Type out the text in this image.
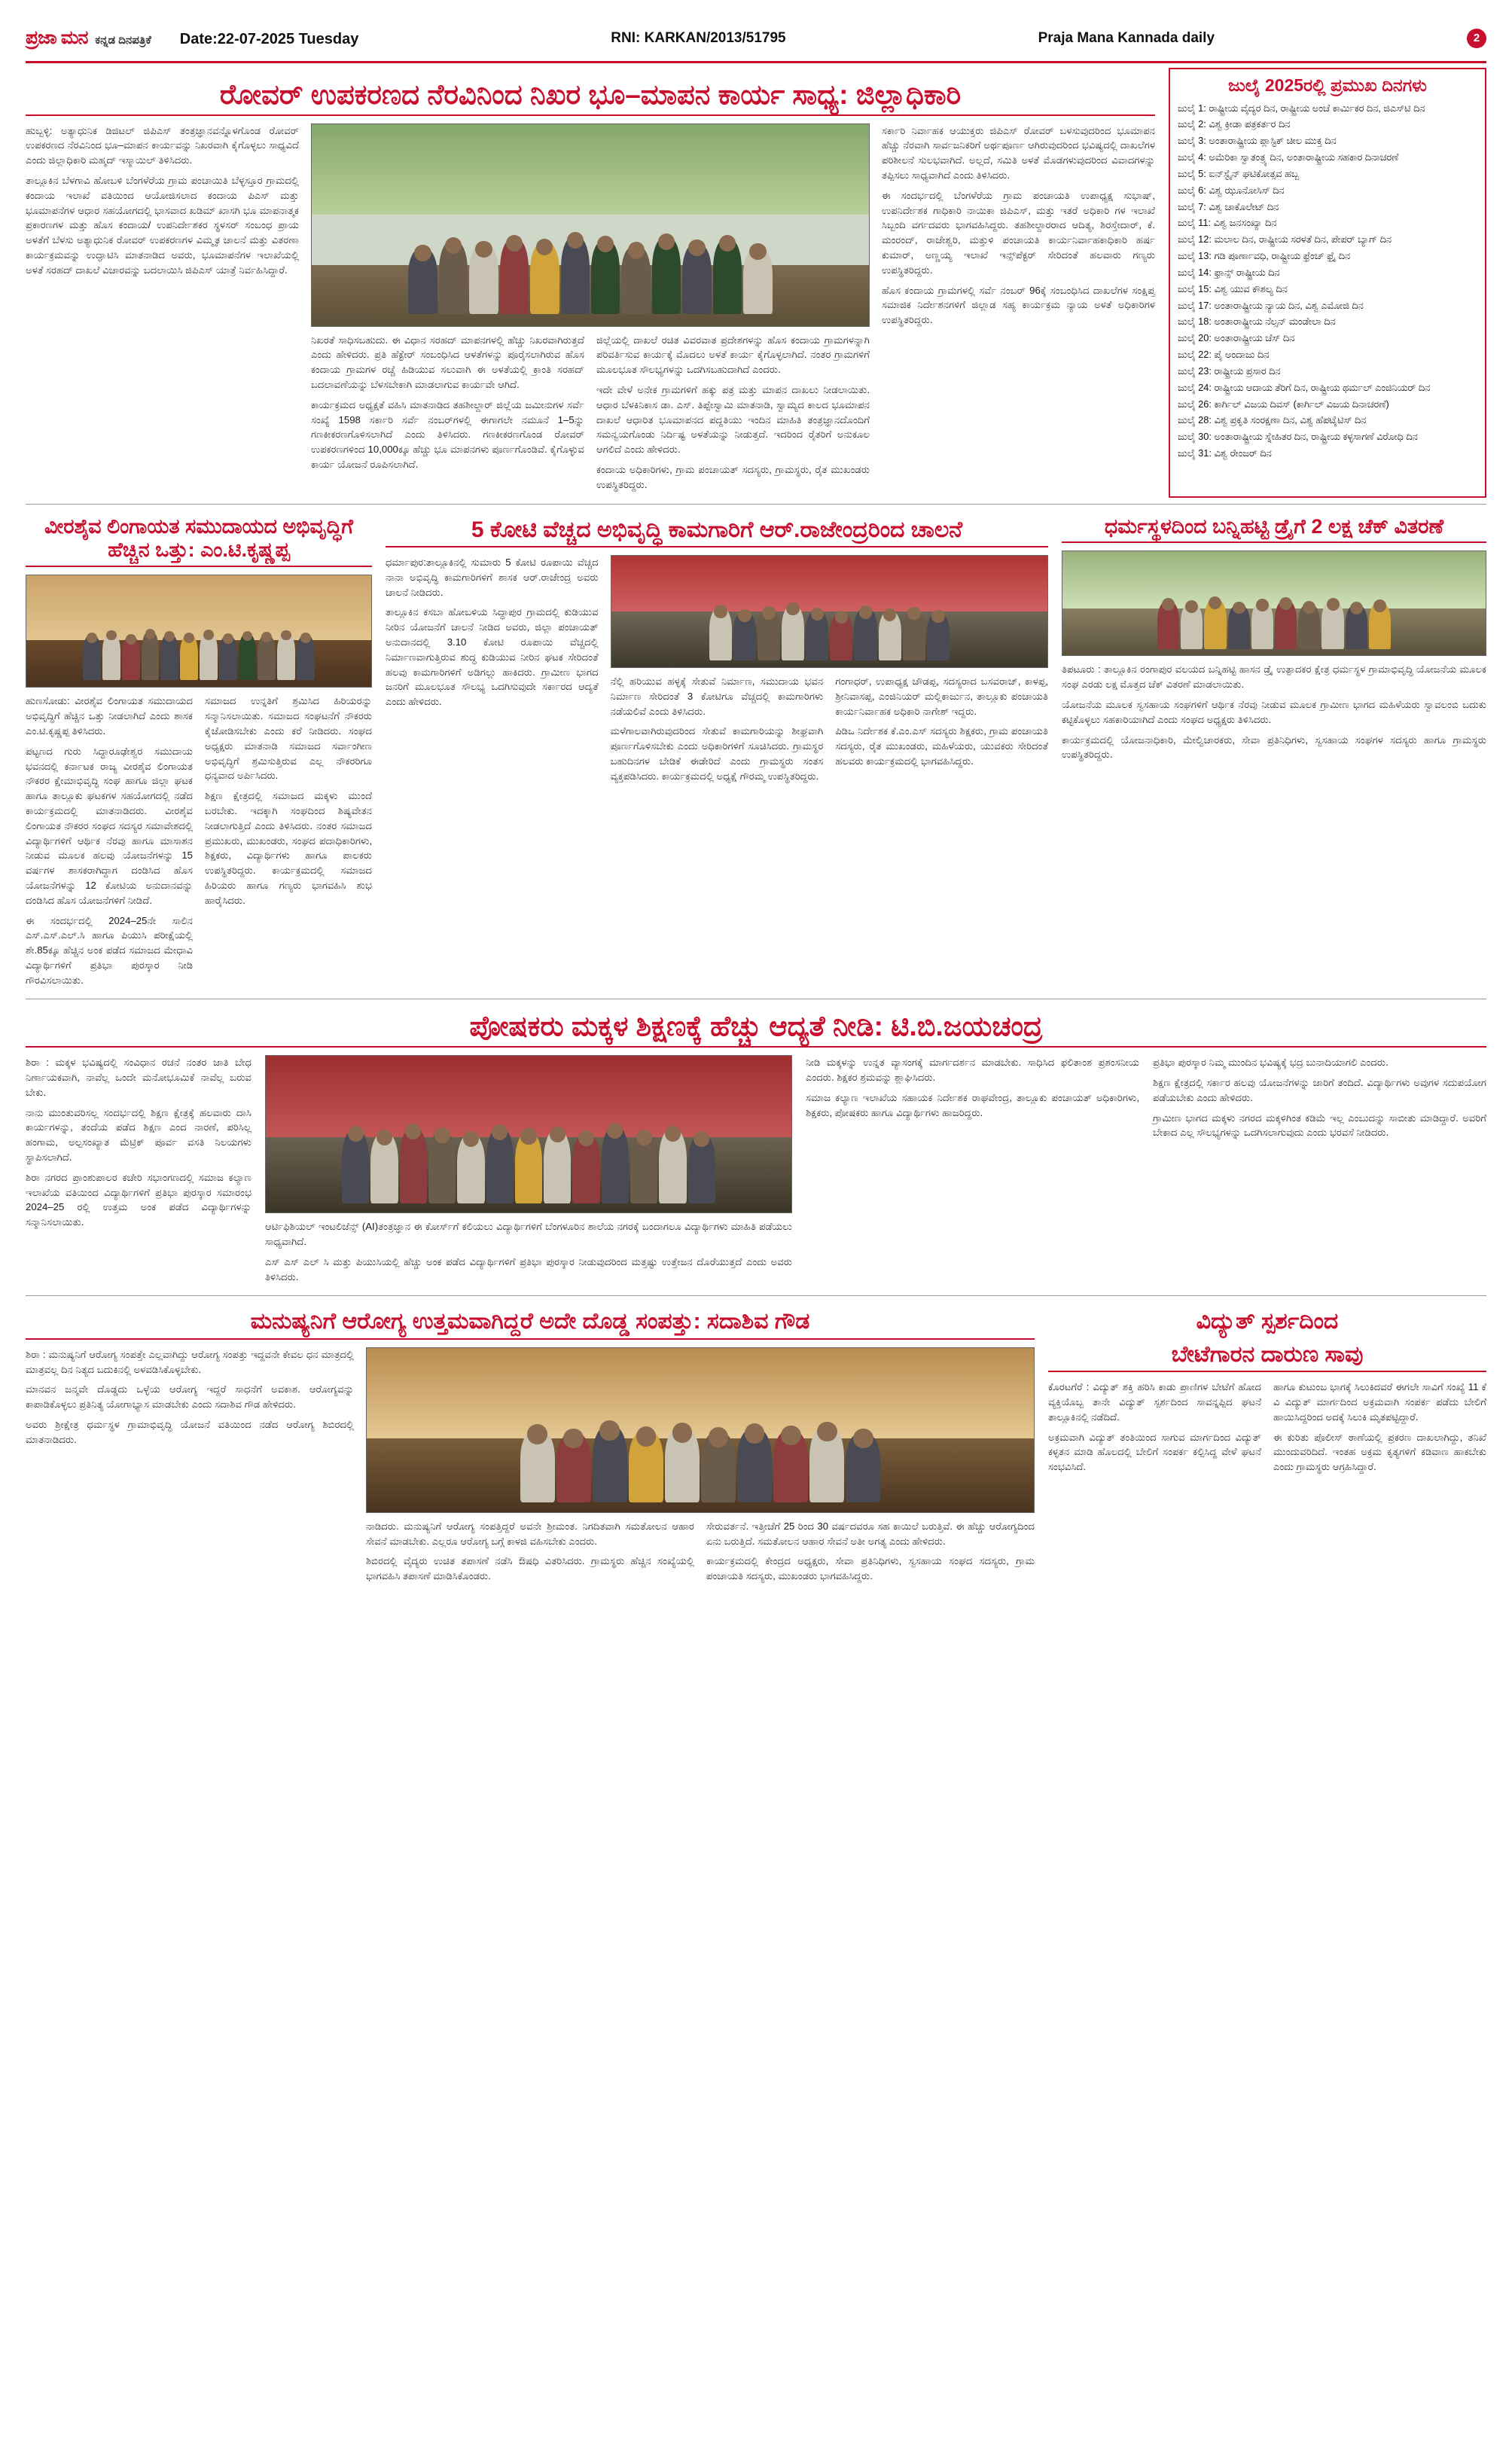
ಪ್ರಜಾ ಮನ ಕನ್ನಡ ದಿನಪತ್ರಿಕೆ Date:22-07-2025 Tuesday	RNI: KARKAN/2013/51795	Praja Mana Kannada daily	2
ರೋವರ್ ಉಪಕರಣದ ನೆರವಿನಿಂದ ನಿಖರ ಭೂ–ಮಾಪನ ಕಾರ್ಯ ಸಾಧ್ಯ: ಜಿಲ್ಲಾಧಿಕಾರಿ

ಹುಬ್ಬಳ್ಳಿ: ಅತ್ಯಾಧುನಿಕ ಡಿಜಿಟಲ್ ಜಿಪಿಎಸ್ ತಂತ್ರಜ್ಞಾನವನ್ನೊಳಗೊಂಡ ರೋವರ್ ಉಪಕರಣದ ನೆರವಿನಿಂದ ಭೂ–ಮಾಪನ ಕಾರ್ಯವನ್ನು ನಿಖರವಾಗಿ ಕೈಗೊಳ್ಳಲು ಸಾಧ್ಯವಿದೆ ಎಂದು ಜಿಲ್ಲಾಧಿಕಾರಿ ಮಹ್ಮದ್ ಇಸ್ಮಾಯಿಲ್ ತಿಳಿಸಿದರು.

ತಾಲ್ಲೂಕಿನ ಬೆಳಗಾವಿ ಹೋಬಳಿ ಬೆಂಗಳೆರೆಯ ಗ್ರಾಮ ಪಂಚಾಯಿತಿ ಬೆಳ್ಳಸ್ತೂರ ಗ್ರಾಮದಲ್ಲಿ ಕಂದಾಯ ಇಲಾಖೆ ವತಿಯಿಂದ ಆಯೋಜಿಸಲಾದ ಕಂದಾಯ ಪಿಎಸ್ ಮತ್ತು ಭೂಮಾಪನೆಗಳ ಆಧಾರ ಸಹಯೋಗದಲ್ಲಿ ಭಾಸವಾದ ಖಡಿಮ್ ಖಾಸಗಿ ಭೂ ಮಾಪನಾತ್ಮಕ ಪ್ರಕಾರಣಗಳ ಮತ್ತು ಹೊಸ ಕಂದಾಯ/ ಉಪನಿರ್ದೇಶಕರ ಸ್ಥಳಸರ್ ಸಂಬಂಧ ಪ್ರಾಯ ಅಳತೆಗೆ ಬೆಳಸು ಅತ್ಯಾಧುನಿಕ ರೋವರ್ ಉಪಕರಣಗಳ ವಿಮ್ಮೃತ ಚಾಲನೆ ಮತ್ತು ವಿತರಣಾ ಕಾರ್ಯಕ್ರಮವನ್ನು ಉದ್ಘಾಟಿಸಿ ಮಾತನಾಡಿದ ಅವರು, ಭೂಮಾಪನೆಗಳ ಇಲಾಖೆಯಲ್ಲಿ ಅಳತೆ ಸರಹದ್ ದಾಖಲೆ ವಿಚಾರವನ್ನು ಬದಲಾಯಿಸಿ ಜಿಪಿಎಸ್ ಯಾತ್ರೆ ನಿರ್ವಹಿಸಿದ್ದಾರೆ.

ನಿಖರತೆ ಸಾಧಿಸಬಹುದು. ಈ ವಿಧಾನ ಸರಹದ್ ಮಾಪನಗಳಲ್ಲಿ ಹೆಚ್ಚು ನಿಖರವಾಗಿರುತ್ತದೆ ಎಂದು ಹೇಳಿದರು. ಪ್ರತಿ ಹೆಕ್ಟೇರ್ ಸಂಬಂಧಿಸಿದ ಆಳತೆಗಳನ್ನು ಪೂರೈಸಲಾಗಿರುವ ಹೊಸ ಕಂದಾಯ ಗ್ರಾಮಗಳ ರಚ್ಚೆ ಹಿಡಿಯುವ ಸಲುವಾಗಿ ಈ ಅಳತೆಯಲ್ಲಿ ಕ್ರಾಂತಿ ಸರಹದ್ ಬದಲಾವಣೆಯನ್ನು ಬೆಳಸಬೇಕಾಗಿ ಮಾಡಲಾಗುವ ಕಾರ್ಯವೇ ಆಗಿದೆ.

ಕಾರ್ಯಕ್ರಮದ ಅಧ್ಯಕ್ಷತೆ ವಹಿಸಿ ಮಾತನಾಡಿದ ತಹಶೀಲ್ದಾರ್ ಜಿಲ್ಲೆಯ ಜಮೀನುಗಳ ಸರ್ವೆ ಸಂಖ್ಯೆ 1598 ಸರ್ಕಾರಿ ಸರ್ವೆ ನಂಬರ್‌ಗಳಲ್ಲಿ ಈಗಾಗಲೇ ನಮೂನೆ 1–5ನ್ನು ಗಣಕೀಕರಣಗೊಳಿಸಲಾಗಿದೆ ಎಂದು ತಿಳಿಸಿದರು. ಗಣಕೀಕರಣಗೊಂಡ ರೋವರ್ ಉಪಕರಣಗಳಿಂದ 10,000ಕ್ಕೂ ಹೆಚ್ಚು ಭೂ ಮಾಪನಗಳು ಪೂರ್ಣಗೊಂಡಿವೆ. ಕೈಗೊಳ್ಳುವ ಕಾರ್ಯ ಯೋಜನೆ ರೂಪಿಸಲಾಗಿದೆ.

ಜಿಲ್ಲೆಯಲ್ಲಿ ದಾಖಲೆ ರಚಿತ ವಿವರವಾತ ಪ್ರದೇಶಗಳನ್ನು ಹೊಸ ಕಂದಾಯ ಗ್ರಾಮಗಳನ್ನಾಗಿ ಪರಿವರ್ತಿಸುವ ಕಾರ್ಯಕ್ಕೆ ಮೊದಲು ಅಳತೆ ಕಾರ್ಯ ಕೈಗೊಳ್ಳಲಾಗಿದೆ. ನಂತರ ಗ್ರಾಮಗಳಿಗೆ ಮೂಲಭೂತ ಸೌಲಭ್ಯಗಳನ್ನು ಒದಗಿಸಬಹುದಾಗಿದೆ ಎಂದರು.

ಇದೇ ವೇಳೆ ಅನೇಕ ಗ್ರಾಮಗಳಿಗೆ ಹಕ್ಕು ಪತ್ರ ಮತ್ತು ಮಾಪನ ದಾಖಲು ನೀಡಲಾಯಿತು. ಆಧಾರ ಬೆಳಕಿನಿಕಾಸ ಡಾ. ಎಸ್. ತಿಪ್ಪೇಸ್ವಾಮಿ ಮಾತನಾಡಿ, ಸ್ವಾಮ್ಯದ ಕಾಲದ ಭೂಮಾಪನ ದಾಖಲೆ ಆಧಾರಿತ ಭೂಮಾಪನದ ಪದ್ದತಿಯು ಇಂದಿನ ಮಾಹಿತಿ ತಂತ್ರಜ್ಞಾನದೊಂದಿಗೆ ಸಮನ್ವಯಗೊಂಡು ನಿರ್ದಿಷ್ಟ ಅಳತೆಯನ್ನು ನೀಡುತ್ತದೆ. ಇದರಿಂದ ರೈತರಿಗೆ ಅನುಕೂಲ ಆಗಲಿದೆ ಎಂದು ಹೇಳಿದರು.

ಕಂದಾಯ ಅಧಿಕಾರಿಗಳು, ಗ್ರಾಮ ಪಂಚಾಯತ್ ಸದಸ್ಯರು, ಗ್ರಾಮಸ್ಥರು, ರೈತ ಮುಖಂಡರು ಉಪಸ್ಥಿತರಿದ್ದರು.

ಸರ್ಕಾರಿ ನಿರ್ವಾಹಕ ಆಯುಕ್ತರು ಜಿಪಿಎಸ್ ರೋವರ್ ಬಳಸುವುದರಿಂದ ಭೂಮಾಪನ ಹೆಚ್ಚು ನೆರವಾಗಿ ಸಾರ್ವಜನಿಕರಿಗೆ ಅರ್ಥಪೂರ್ಣ ಆಗಿರುವುದರಿಂದ ಭವಿಷ್ಯದಲ್ಲಿ ದಾಖಲೆಗಳ ಪರಿಶೀಲನೆ ಸುಲಭವಾಗಿದೆ. ಅಲ್ಲದೆ, ಸಮಿತಿ ಅಳತೆ ಮೊಡಗಳುವುದರಿಂದ ವಿವಾದಗಳನ್ನು ತಪ್ಪಿಸಲು ಸಾಧ್ಯವಾಗಿದೆ ಎಂದು ತಿಳಿಸಿದರು.

ಈ ಸಂದರ್ಭದಲ್ಲಿ ಬೆಂಗಳೆರೆಯ ಗ್ರಾಮ ಪಂಚಾಯತಿ ಉಪಾಧ್ಯಕ್ಷ ಸುಭಾಷ್, ಉಪನಿರ್ದೇಶಕ ಗಾಧಿಕಾರಿ ನಾಯಿಕಾ ಜಿಪಿಎಸ್, ಮತ್ತು ಇತರೆ ಅಧಿಕಾರಿ ಗಳ ಇಲಾಖೆ ಸಿಬ್ಬಂದಿ ವರ್ಗದವರು ಭಾಗವಹಿಸಿದ್ದರು. ತಹಶೀಲ್ದಾರರಾದ ಆದಿತ್ಯ, ಶಿರಸ್ತೇದಾರ್, ಕೆ. ಮಂರಂದ್, ರಾಜೇಶ್ವರಿ, ಮತ್ತುಳಿ ಪಂಚಾಯತಿ ಕಾರ್ಯನಿರ್ವಾಹಕಾಧಿಕಾರಿ ಹರ್ಷ ಕುಮಾರ್, ಅಣ್ಣಯ್ಯ ಇಲಾಖೆ ಇನ್ಸ್‌ಪೆಕ್ಟರ್ ಸೇರಿದಂತೆ ಹಲವಾರು ಗಣ್ಯರು ಉಪಸ್ಥಿತರಿದ್ದರು.

ಹೊಸ ಕಂದಾಯ ಗ್ರಾಮಗಳಲ್ಲಿ ಸರ್ವೆ ನಂಬರ್ 96ಕ್ಕೆ ಸಂಬಂಧಿಸಿದ ದಾಖಲೆಗಳ ಸಂಕ್ಷಿಪ್ತ ಸಮಾಜಿಕ ನಿರ್ದೇಶನಗಳಿಗೆ ಜಿಲ್ಲಾಡ ಸಹ್ಯ ಕಾರ್ಯಕ್ರಮ ನ್ಯಾಯ ಅಳತೆ ಅಧಿಕಾರಿಗಳ ಉಪಸ್ಥಿತರಿದ್ದರು.

ಜುಲೈ 2025ರಲ್ಲಿ ಪ್ರಮುಖ ದಿನಗಳು
ಜುಲೈ 1: ರಾಷ್ಟ್ರೀಯ ವೈದ್ಯರ ದಿನ, ರಾಷ್ಟ್ರೀಯ ಅಂಚೆ ಕಾರ್ಮಿಕರ ದಿನ, ಜಿಎಸ್‌ಟಿ ದಿನ
ಜುಲೈ 2: ವಿಶ್ವ ಕ್ರೀಡಾ ಪತ್ರಕರ್ತರ ದಿನ
ಜುಲೈ 3: ಅಂತಾರಾಷ್ಟ್ರೀಯ ಪ್ಲಾಸ್ಟಿಕ್ ಚೀಲ ಮುಕ್ತ ದಿನ
ಜುಲೈ 4: ಅಮೆರಿಕಾ ಸ್ವಾತಂತ್ರ್ಯ ದಿನ, ಅಂತಾರಾಷ್ಟ್ರೀಯ ಸಹಕಾರ ದಿನಾಚರಣೆ
ಜುಲೈ 5: ಐನ್‌ಸ್ಟೈನ್ ಘಟಿಕೋತ್ಸವ ಹಬ್ಬ
ಜುಲೈ 6: ವಿಶ್ವ ಝೂನೋಸಿಸ್ ದಿನ
ಜುಲೈ 7: ವಿಶ್ವ ಚಾಕೊಲೇಟ್ ದಿನ
ಜುಲೈ 11: ವಿಶ್ವ ಜನಸಂಖ್ಯಾ ದಿನ
ಜುಲೈ 12: ಮಲಾಲ ದಿನ, ರಾಷ್ಟ್ರೀಯ ಸರಳತೆ ದಿನ, ಪೇಪರ್ ಬ್ಯಾಗ್ ದಿನ
ಜುಲೈ 13: ಗಡಿ ಪೂರ್ಣಾವಧಿ, ರಾಷ್ಟ್ರೀಯ ಫ್ರೆಂಚ್ ಫ್ರೈ ದಿನ
ಜುಲೈ 14: ಫ್ರಾನ್ಸ್ ರಾಷ್ಟ್ರೀಯ ದಿನ
ಜುಲೈ 15: ವಿಶ್ವ ಯುವ ಕೌಶಲ್ಯ ದಿನ
ಜುಲೈ 17: ಅಂತಾರಾಷ್ಟ್ರೀಯ ನ್ಯಾಯ ದಿನ, ವಿಶ್ವ ಎಮೋಜಿ ದಿನ
ಜುಲೈ 18: ಅಂತಾರಾಷ್ಟ್ರೀಯ ನೆಲ್ಸನ್ ಮಂಡೇಲಾ ದಿನ
ಜುಲೈ 20: ಅಂತಾರಾಷ್ಟ್ರೀಯ ಚೆಸ್ ದಿನ
ಜುಲೈ 22: ಪೈ ಅಂದಾಜು ದಿನ
ಜುಲೈ 23: ರಾಷ್ಟ್ರೀಯ ಪ್ರಸಾರ ದಿನ
ಜುಲೈ 24: ರಾಷ್ಟ್ರೀಯ ಆದಾಯ ತೆರಿಗೆ ದಿನ, ರಾಷ್ಟ್ರೀಯ ಥರ್ಮಲ್ ಎಂಜಿನಿಯರ್ ದಿನ
ಜುಲೈ 26: ಕಾರ್ಗಿಲ್ ವಿಜಯ ದಿವಸ್ (ಕಾರ್ಗಿಲ್ ವಿಜಯ ದಿನಾಚರಣೆ)
ಜುಲೈ 28: ವಿಶ್ವ ಪ್ರಕೃತಿ ಸಂರಕ್ಷಣಾ ದಿನ, ವಿಶ್ವ ಹೆಪಟೈಟಿಸ್ ದಿನ
ಜುಲೈ 30: ಅಂತಾರಾಷ್ಟ್ರೀಯ ಸ್ನೇಹಿತರ ದಿನ, ರಾಷ್ಟ್ರೀಯ ಕಳ್ಳಸಾಗಣೆ ವಿರೋಧಿ ದಿನ
ಜುಲೈ 31: ವಿಶ್ವ ರೇಂಜರ್ ದಿನ
ವೀರಶೈವ ಲಿಂಗಾಯತ ಸಮುದಾಯದ ಅಭಿವೃದ್ಧಿಗೆ ಹೆಚ್ಚಿನ ಒತ್ತು: ಎಂ.ಟಿ.ಕೃಷ್ಣಪ್ಪ

ಹುಣಸೋಡು: ವೀರಶೈವ ಲಿಂಗಾಯತ ಸಮುದಾಯದ ಅಭಿವೃದ್ಧಿಗೆ ಹೆಚ್ಚಿನ ಒತ್ತು ನೀಡಲಾಗಿದೆ ಎಂದು ಶಾಸಕ ಎಂ.ಟಿ.ಕೃಷ್ಣಪ್ಪ ತಿಳಿಸಿದರು.

ಪಟ್ಟಣದ ಗುರು ಸಿದ್ಧಾರೂಢೇಶ್ವರ ಸಮುದಾಯ ಭವನದಲ್ಲಿ ಕರ್ನಾಟಕ ರಾಜ್ಯ ವೀರಶೈವ ಲಿಂಗಾಯತ ನೌಕರರ ಕ್ಷೇಮಾಭಿವೃದ್ಧಿ ಸಂಘ ಹಾಗೂ ಜಿಲ್ಲಾ ಘಟಕ ಹಾಗೂ ತಾಲ್ಲೂಕು ಘಟಕಗಳ ಸಹಯೋಗದಲ್ಲಿ ನಡೆದ ಕಾರ್ಯಕ್ರಮದಲ್ಲಿ ಮಾತನಾಡಿದರು. ವೀರಶೈವ ಲಿಂಗಾಯತ ನೌಕರರ ಸಂಘದ ಸದಸ್ಯರ ಸಮಾವೇಶದಲ್ಲಿ ವಿದ್ಯಾರ್ಥಿಗಳಿಗೆ ಆರ್ಥಿಕ ನೆರವು ಹಾಗೂ ಮಾಸಾಶನ ನೀಡುವ ಮೂಲಕ ಹಲವು ಯೋಜನೆಗಳನ್ನು 15 ವರ್ಷಗಳ ಶಾಸಕರಾಗಿದ್ದಾಗ ದಂಡಿಸಿದ ಹೊಸ ಯೋಜನೆಗಳನ್ನು 12 ಕೋಟಿಯ ಅನುದಾನವನ್ನು ದಂಡಿಸಿದ ಹೊಸ ಯೋಜನೆಗಳಿಗೆ ನೀಡಿದೆ.

ಈ ಸಂದರ್ಭದಲ್ಲಿ 2024–25ನೇ ಸಾಲಿನ ಎಸ್.ಎಸ್.ಎಲ್.ಸಿ ಹಾಗೂ ಪಿಯುಸಿ ಪರೀಕ್ಷೆಯಲ್ಲಿ ಶೇ.85ಕ್ಕೂ ಹೆಚ್ಚಿನ ಅಂಕ ಪಡೆದ ಸಮಾಜದ ಮೇಧಾವಿ ವಿದ್ಯಾರ್ಥಿಗಳಿಗೆ ಪ್ರತಿಭಾ ಪುರಸ್ಕಾರ ನೀಡಿ ಗೌರವಿಸಲಾಯಿತು.

ಸಮಾಜದ ಉನ್ನತಿಗೆ ಶ್ರಮಿಸಿದ ಹಿರಿಯರನ್ನು ಸನ್ಮಾನಿಸಲಾಯಿತು. ಸಮಾಜದ ಸಂಘಟನೆಗೆ ನೌಕರರು ಕೈಜೋಡಿಸಬೇಕು ಎಂದು ಕರೆ ನೀಡಿದರು. ಸಂಘದ ಅಧ್ಯಕ್ಷರು ಮಾತನಾಡಿ ಸಮಾಜದ ಸರ್ವಾಂಗೀಣ ಅಭಿವೃದ್ಧಿಗೆ ಶ್ರಮಿಸುತ್ತಿರುವ ಎಲ್ಲ ನೌಕರರಿಗೂ ಧನ್ಯವಾದ ಅರ್ಪಿಸಿದರು.

ಶಿಕ್ಷಣ ಕ್ಷೇತ್ರದಲ್ಲಿ ಸಮಾಜದ ಮಕ್ಕಳು ಮುಂದೆ ಬರಬೇಕು. ಇದಕ್ಕಾಗಿ ಸಂಘದಿಂದ ಶಿಷ್ಯವೇತನ ನೀಡಲಾಗುತ್ತಿದೆ ಎಂದು ತಿಳಿಸಿದರು. ನಂತರ ಸಮಾಜದ ಪ್ರಮುಖರು, ಮುಖಂಡರು, ಸಂಘದ ಪದಾಧಿಕಾರಿಗಳು, ಶಿಕ್ಷಕರು, ವಿದ್ಯಾರ್ಥಿಗಳು ಹಾಗೂ ಪಾಲಕರು ಉಪಸ್ಥಿತರಿದ್ದರು. ಕಾರ್ಯಕ್ರಮದಲ್ಲಿ ಸಮಾಜದ ಹಿರಿಯರು ಹಾಗೂ ಗಣ್ಯರು ಭಾಗವಹಿಸಿ ಶುಭ ಹಾರೈಸಿದರು.

5 ಕೋಟಿ ವೆಚ್ಚದ ಅಭಿವೃದ್ಧಿ ಕಾಮಗಾರಿಗೆ ಆರ್.ರಾಜೇಂದ್ರರಿಂದ ಚಾಲನೆ

ಧರ್ಮಾಪುರ:ತಾಲ್ಲೂಕಿನಲ್ಲಿ ಸುಮಾರು 5 ಕೋಟಿ ರೂಪಾಯಿ ವೆಚ್ಚದ ನಾನಾ ಅಭಿವೃದ್ಧಿ ಕಾಮಗಾರಿಗಳಿಗೆ ಶಾಸಕ ಆರ್.ರಾಜೇಂದ್ರ ಅವರು ಚಾಲನೆ ನೀಡಿದರು.

ತಾಲ್ಲೂಕಿನ ಕಸಬಾ ಹೋಬಳಿಯ ಸಿದ್ಧಾಪುರ ಗ್ರಾಮದಲ್ಲಿ ಕುಡಿಯುವ ನೀರಿನ ಯೋಜನೆಗೆ ಚಾಲನೆ ನೀಡಿದ ಅವರು, ಜಿಲ್ಲಾ ಪಂಚಾಯತ್ ಅನುದಾನದಲ್ಲಿ 3.10 ಕೋಟಿ ರೂಪಾಯಿ ವೆಚ್ಚದಲ್ಲಿ ನಿರ್ಮಾಣವಾಗುತ್ತಿರುವ ಶುದ್ಧ ಕುಡಿಯುವ ನೀರಿನ ಘಟಕ ಸೇರಿದಂತೆ ಹಲವು ಕಾಮಗಾರಿಗಳಿಗೆ ಅಡಿಗಲ್ಲು ಹಾಕಿದರು. ಗ್ರಾಮೀಣ ಭಾಗದ ಜನರಿಗೆ ಮೂಲಭೂತ ಸೌಲಭ್ಯ ಒದಗಿಸುವುದೇ ಸರ್ಕಾರದ ಆದ್ಯತೆ ಎಂದು ಹೇಳಿದರು.

ನೆಲ್ಲಿ ಹರಿಯುವ ಹಳ್ಳಕ್ಕೆ ಸೇತುವೆ ನಿರ್ಮಾಣ, ಸಮುದಾಯ ಭವನ ನಿರ್ಮಾಣ ಸೇರಿದಂತೆ 3 ಕೋಟಿಗೂ ವೆಚ್ಚದಲ್ಲಿ ಕಾಮಗಾರಿಗಳು ನಡೆಯಲಿವೆ ಎಂದು ತಿಳಿಸಿದರು.

ಮಳೆಗಾಲವಾಗಿರುವುದರಿಂದ ಸೇತುವೆ ಕಾಮಗಾರಿಯನ್ನು ಶೀಘ್ರವಾಗಿ ಪೂರ್ಣಗೊಳಿಸಬೇಕು ಎಂದು ಅಧಿಕಾರಿಗಳಿಗೆ ಸೂಚಿಸಿದರು. ಗ್ರಾಮಸ್ಥರ ಬಹುದಿನಗಳ ಬೇಡಿಕೆ ಈಡೇರಿದೆ ಎಂದು ಗ್ರಾಮಸ್ಥರು ಸಂತಸ ವ್ಯಕ್ತಪಡಿಸಿದರು. ಕಾರ್ಯಕ್ರಮದಲ್ಲಿ ಅಧ್ಯಕ್ಷೆ ಗೌರಮ್ಮ ಉಪಸ್ಥಿತರಿದ್ದರು.

ಗಂಗಾಧರ್, ಉಪಾಧ್ಯಕ್ಷ ಚೌಡಪ್ಪ, ಸದಸ್ಯರಾದ ಬಸವರಾಜ್, ಕಾಳಪ್ಪ, ಶ್ರೀನಿವಾಸಪ್ಪ, ಎಂಜಿನಿಯರ್ ಮಲ್ಲಿಕಾರ್ಜುನ, ತಾಲ್ಲೂಕು ಪಂಚಾಯತಿ ಕಾರ್ಯನಿರ್ವಾಹಕ ಅಧಿಕಾರಿ ನಾಗೇಶ್ ಇದ್ದರು.

ಪಿಡಿಒ ನಿರ್ದೇಶಕ ಕೆ.ಎಂ.ಎಸ್ ಸದಸ್ಯರು ಶಿಕ್ಷಕರು, ಗ್ರಾಮ ಪಂಚಾಯತಿ ಸದಸ್ಯರು, ರೈತ ಮುಖಂಡರು, ಮಹಿಳೆಯರು, ಯುವಕರು ಸೇರಿದಂತೆ ಹಲವರು ಕಾರ್ಯಕ್ರಮದಲ್ಲಿ ಭಾಗವಹಿಸಿದ್ದರು.

ಧರ್ಮಸ್ಥಳದಿಂದ ಬನ್ನಿಹಟ್ಟಿ ಡ್ರೈಗೆ 2 ಲಕ್ಷ ಚೆಕ್ ವಿತರಣೆ

ತಿಪಟೂರು : ತಾಲ್ಲೂಕಿನ ರಂಗಾಪುರ ವಲಯದ ಬನ್ನಿಹಟ್ಟಿ ಹಾಸನ ಡ್ರೈ ಉತ್ಪಾದಕರ ಕ್ಷೇತ್ರ ಧರ್ಮಸ್ಥಳ ಗ್ರಾಮಾಭಿವೃದ್ಧಿ ಯೋಜನೆಯ ಮೂಲಕ ಸಂಘ ಎರಡು ಲಕ್ಷ ಮೊತ್ತದ ಚೆಕ್ ವಿತರಣೆ ಮಾಡಲಾಯಿತು.

ಯೋಜನೆಯ ಮೂಲಕ ಸ್ವಸಹಾಯ ಸಂಘಗಳಿಗೆ ಆರ್ಥಿಕ ನೆರವು ನೀಡುವ ಮೂಲಕ ಗ್ರಾಮೀಣ ಭಾಗದ ಮಹಿಳೆಯರು ಸ್ವಾವಲಂಬಿ ಬದುಕು ಕಟ್ಟಿಕೊಳ್ಳಲು ಸಹಕಾರಿಯಾಗಿದೆ ಎಂದು ಸಂಘದ ಅಧ್ಯಕ್ಷರು ತಿಳಿಸಿದರು.

ಕಾರ್ಯಕ್ರಮದಲ್ಲಿ ಯೋಜನಾಧಿಕಾರಿ, ಮೇಲ್ವಿಚಾರಕರು, ಸೇವಾ ಪ್ರತಿನಿಧಿಗಳು, ಸ್ವಸಹಾಯ ಸಂಘಗಳ ಸದಸ್ಯರು ಹಾಗೂ ಗ್ರಾಮಸ್ಥರು ಉಪಸ್ಥಿತರಿದ್ದರು.

ಪೋಷಕರು ಮಕ್ಕಳ ಶಿಕ್ಷಣಕ್ಕೆ ಹೆಚ್ಚು ಆದ್ಯತೆ ನೀಡಿ: ಟಿ.ಬಿ.ಜಯಚಂದ್ರ

ಶಿರಾ : ಮಕ್ಕಳ ಭವಿಷ್ಯದಲ್ಲಿ ಸಂವಿಧಾನ ರಚನೆ ನಂತರ ಜಾತಿ ಬೇಧ ನಿರ್ಣಾಯಕವಾಗಿ, ನಾವೆಲ್ಲ ಒಂದೇ ಮನೋಭೂಮಿಕೆ ನಾವೆಲ್ಲ ಬರುವ ಬೇಕು.

ನಾನು ಮುಂತುವರಿಸಲ್ಲ ಸಂದರ್ಭದಲ್ಲಿ ಶಿಕ್ಷಣ ಕ್ಷೇತ್ರಕ್ಕೆ ಹಲವಾರು ದಾಸಿ ಕಾರ್ಯಗಳನ್ನು, ತಂದೆಯ ಪಡೆದ ಶಿಕ್ಷಣ ಎಂದ ನಾರಣೆ, ಪರಿಸಿಲ್ಲ ಹಂಗಾಮ, ಅಲ್ಪಸಂಖ್ಯಾತ ಮೆಟ್ರಿಕ್ ಪೂರ್ವ ವಸತಿ ನಿಲಯಗಳು ಸ್ಥಾಪಿಸಲಾಗಿದೆ.

ಶಿರಾ ನಗರದ ಪ್ರಾಂಶುಪಾಲರ ಕಚೇರಿ ಸಭಾಂಗಣದಲ್ಲಿ ಸಮಾಜ ಕಲ್ಯಾಣ ಇಲಾಖೆಯ ವತಿಯಿಂದ ವಿದ್ಯಾರ್ಥಿಗಳಿಗೆ ಪ್ರತಿಭಾ ಪುರಸ್ಕಾರ ಸಮಾರಂಭ 2024–25 ರಲ್ಲಿ ಉತ್ತಮ ಅಂಕ ಪಡೆದ ವಿದ್ಯಾರ್ಥಿಗಳನ್ನು ಸನ್ಮಾನಿಸಲಾಯಿತು.	ಆರ್ಟಿಫಿಶಿಯಲ್ ಇಂಟಲಿಜೆನ್ಸ್ (AI)ತಂತ್ರಜ್ಞಾನ ಈ ಕೋರ್ಸ್‌ಗೆ ಕಲಿಯಲು ವಿದ್ಯಾರ್ಥಿಗಳಿಗೆ ಬೆಂಗಳೂರಿನ ಶಾಲೆಯ ನಗರಕ್ಕೆ ಬಂದಾಗಲೂ ವಿದ್ಯಾರ್ಥಿಗಳು ಮಾಹಿತಿ ಪಡೆಯಲು ಸಾಧ್ಯವಾಗಿದೆ.

ಎಸ್ ಎಸ್ ಎಲ್ ಸಿ ಮತ್ತು ಪಿಯುಸಿಯಲ್ಲಿ ಹೆಚ್ಚು ಅಂಕ ಪಡೆದ ವಿದ್ಯಾರ್ಥಿಗಳಿಗೆ ಪ್ರತಿಭಾ ಪುರಸ್ಕಾರ ನೀಡುವುದರಿಂದ ಮತ್ತಷ್ಟು ಉತ್ತೇಜನ ದೊರೆಯುತ್ತದೆ ಎಂದು ಅವರು ತಿಳಿಸಿದರು.

ನೀಡಿ ಮಕ್ಕಳನ್ನು ಉನ್ನತ ವ್ಯಾಸಂಗಕ್ಕೆ ಮಾರ್ಗದರ್ಶನ ಮಾಡಬೇಕು. ಸಾಧಿಸಿದ ಫಲಿತಾಂಶ ಪ್ರಶಂಸನೀಯ ಎಂದರು. ಶಿಕ್ಷಕರ ಶ್ರಮವನ್ನು ಶ್ಲಾಘಿಸಿದರು.

ಸಮಾಜ ಕಲ್ಯಾಣ ಇಲಾಖೆಯ ಸಹಾಯಕ ನಿರ್ದೇಶಕ ರಾಘವೇಂದ್ರ, ತಾಲ್ಲೂಕು ಪಂಚಾಯತ್ ಅಧಿಕಾರಿಗಳು, ಶಿಕ್ಷಕರು, ಪೋಷಕರು ಹಾಗೂ ವಿದ್ಯಾರ್ಥಿಗಳು ಹಾಜರಿದ್ದರು.

ಪ್ರತಿಭಾ ಪುರಸ್ಕಾರ ನಿಮ್ಮ ಮುಂದಿನ ಭವಿಷ್ಯಕ್ಕೆ ಭದ್ರ ಬುನಾದಿಯಾಗಲಿ ಎಂದರು.

ಶಿಕ್ಷಣ ಕ್ಷೇತ್ರದಲ್ಲಿ ಸರ್ಕಾರ ಹಲವು ಯೋಜನೆಗಳನ್ನು ಜಾರಿಗೆ ತಂದಿದೆ. ವಿದ್ಯಾರ್ಥಿಗಳು ಅವುಗಳ ಸದುಪಯೋಗ ಪಡೆಯಬೇಕು ಎಂದು ಹೇಳಿದರು.

ಗ್ರಾಮೀಣ ಭಾಗದ ಮಕ್ಕಳು ನಗರದ ಮಕ್ಕಳಿಗಿಂತ ಕಡಿಮೆ ಇಲ್ಲ ಎಂಬುದನ್ನು ಸಾಬೀತು ಮಾಡಿದ್ದಾರೆ. ಅವರಿಗೆ ಬೇಕಾದ ಎಲ್ಲ ಸೌಲಭ್ಯಗಳನ್ನು ಒದಗಿಸಲಾಗುವುದು ಎಂದು ಭರವಸೆ ನೀಡಿದರು.

ಮನುಷ್ಯನಿಗೆ ಆರೋಗ್ಯ ಉತ್ತಮವಾಗಿದ್ದರೆ ಅದೇ ದೊಡ್ಡ ಸಂಪತ್ತು: ಸದಾಶಿವ ಗೌಡ

ಶಿರಾ : ಮನುಷ್ಯನಿಗೆ ಆರೋಗ್ಯ ಸಂಪತ್ತೇ ಎಲ್ಲವಾಗಿದ್ದು ಆರೋಗ್ಯ ಸಂಪತ್ತು ಇದ್ದವನೇ ಕೇವಲ ಧನ ಮಾತ್ರದಲ್ಲಿ ಮಾತ್ರವಲ್ಲ ದಿನ ನಿತ್ಯದ ಬದುಕಿನಲ್ಲಿ ಅಳವಡಿಸಿಕೊಳ್ಳಬೇಕು.

ಮಾನವನ ಜನ್ಮವೇ ದೊಡ್ಡದು ಒಳ್ಳೆಯ ಆರೋಗ್ಯ ಇದ್ದರೆ ಸಾಧನೆಗೆ ಅವಕಾಶ. ಆರೋಗ್ಯವನ್ನು ಕಾಪಾಡಿಕೊಳ್ಳಲು ಪ್ರತಿನಿತ್ಯ ಯೋಗಾಭ್ಯಾಸ ಮಾಡಬೇಕು ಎಂದು ಸದಾಶಿವ ಗೌಡ ಹೇಳಿದರು.

ಅವರು ಶ್ರೀಕ್ಷೇತ್ರ ಧರ್ಮಸ್ಥಳ ಗ್ರಾಮಾಭಿವೃದ್ಧಿ ಯೋಜನೆ ವತಿಯಿಂದ ನಡೆದ ಆರೋಗ್ಯ ಶಿಬಿರದಲ್ಲಿ ಮಾತನಾಡಿದರು.

ನಾಡಿದರು. ಮನುಷ್ಯನಿಗೆ ಆರೋಗ್ಯ ಸಂಪತ್ತಿದ್ದರೆ ಅವನೇ ಶ್ರೀಮಂತ. ನಿಗದಿತವಾಗಿ ಸಮತೋಲನ ಆಹಾರ ಸೇವನೆ ಮಾಡಬೇಕು. ಎಲ್ಲರೂ ಆರೋಗ್ಯ ಬಗ್ಗೆ ಕಾಳಜಿ ವಹಿಸಬೇಕು ಎಂದರು.

ಶಿಬಿರದಲ್ಲಿ ವೈದ್ಯರು ಉಚಿತ ತಪಾಸಣೆ ನಡೆಸಿ ಔಷಧಿ ವಿತರಿಸಿದರು. ಗ್ರಾಮಸ್ಥರು ಹೆಚ್ಚಿನ ಸಂಖ್ಯೆಯಲ್ಲಿ ಭಾಗವಹಿಸಿ ತಪಾಸಣೆ ಮಾಡಿಸಿಕೊಂಡರು.

ಸೇರುವರ್ತನೆ. ಇತ್ತೀಚೆಗೆ 25 ರಿಂದ 30 ವರ್ಷದವರೂ ಸಹ ಕಾಯಿಲೆ ಬರುತ್ತಿವೆ. ಈ ಹೆಚ್ಚು ಆರೋಗ್ಯದಿಂದ ಏನು ಬರುತ್ತಿದೆ. ಸಮತೋಲನ ಆಹಾರ ಸೇವನೆ ಅತೀ ಅಗತ್ಯ ಎಂದು ಹೇಳಿದರು.

ಕಾರ್ಯಕ್ರಮದಲ್ಲಿ ಕೇಂದ್ರದ ಅಧ್ಯಕ್ಷರು, ಸೇವಾ ಪ್ರತಿನಿಧಿಗಳು, ಸ್ವಸಹಾಯ ಸಂಘದ ಸದಸ್ಯರು, ಗ್ರಾಮ ಪಂಚಾಯತಿ ಸದಸ್ಯರು, ಮುಖಂಡರು ಭಾಗವಹಿಸಿದ್ದರು.

ವಿದ್ಯುತ್ ಸ್ಪರ್ಶದಿಂದ
ಬೇಟೆಗಾರನ ದಾರುಣ ಸಾವು

ಕೊರಟಗೆರೆ : ವಿದ್ಯುತ್ ಶಕ್ತಿ ಹರಿಸಿ ಕಾಡು ಪ್ರಾಣಿಗಳ ಬೇಟೆಗೆ ಹೋದ ವ್ಯಕ್ತಿಯೊಬ್ಬ ತಾನೇ ವಿದ್ಯುತ್ ಸ್ಪರ್ಶದಿಂದ ಸಾವನ್ನಪ್ಪಿದ ಘಟನೆ ತಾಲ್ಲೂಕಿನಲ್ಲಿ ನಡೆದಿದೆ.

ಅಕ್ರಮವಾಗಿ ವಿದ್ಯುತ್ ತಂತಿಯಿಂದ ಸಾಗುವ ಮಾರ್ಗದಿಂದ ವಿದ್ಯುತ್ ಕಳ್ಳತನ ಮಾಡಿ ಹೊಲದಲ್ಲಿ ಬೇಲಿಗೆ ಸಂಪರ್ಕ ಕಲ್ಪಿಸಿದ್ದ ವೇಳೆ ಘಟನೆ ಸಂಭವಿಸಿದೆ.

ಹಾಗೂ ಕುಟುಂಬ ಭಾಗಕ್ಕೆ ಸಿಲುಕಿದವರೆ ಈಗಲೇ ಸಾವಿಗೆ ಸಂಖ್ಯೆ 11 ಕೆ ವಿ ವಿದ್ಯುತ್ ಮಾರ್ಗದಿಂದ ಅಕ್ರಮವಾಗಿ ಸಂಪರ್ಕ ಪಡೆದು ಬೇಲಿಗೆ ಹಾಯಿಸಿದ್ದರಿಂದ ಅದಕ್ಕೆ ಸಿಲುಕಿ ಮೃತಪಟ್ಟಿದ್ದಾರೆ.

ಈ ಕುರಿತು ಪೊಲೀಸ್ ಠಾಣೆಯಲ್ಲಿ ಪ್ರಕರಣ ದಾಖಲಾಗಿದ್ದು, ತನಿಖೆ ಮುಂದುವರಿದಿದೆ. ಇಂತಹ ಅಕ್ರಮ ಕೃತ್ಯಗಳಿಗೆ ಕಡಿವಾಣ ಹಾಕಬೇಕು ಎಂದು ಗ್ರಾಮಸ್ಥರು ಆಗ್ರಹಿಸಿದ್ದಾರೆ.
